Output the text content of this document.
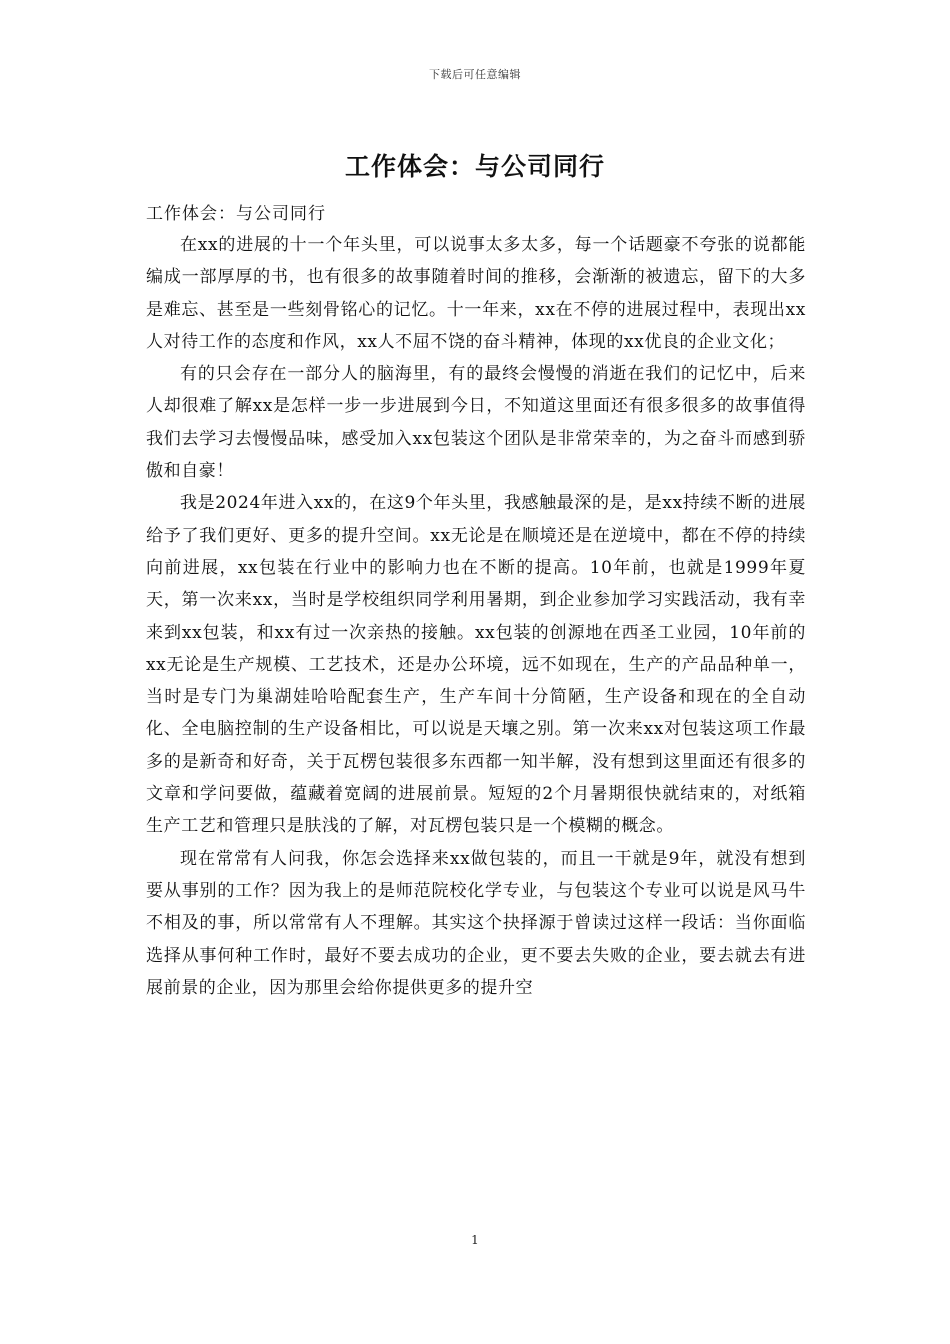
下载后可任意编辑
工作体会：与公司同行

工作体会：与公司同行

在xx的进展的十一个年头里，可以说事太多太多，每一个话题豪不夸张的说都能编成一部厚厚的书，也有很多的故事随着时间的推移，会渐渐的被遗忘，留下的大多是难忘、甚至是一些刻骨铭心的记忆。十一年来，xx在不停的进展过程中，表现出xx人对待工作的态度和作风，xx人不屈不饶的奋斗精神，体现的xx优良的企业文化；

有的只会存在一部分人的脑海里，有的最终会慢慢的消逝在我们的记忆中，后来人却很难了解xx是怎样一步一步进展到今日，不知道这里面还有很多很多的故事值得我们去学习去慢慢品味，感受加入xx包装这个团队是非常荣幸的，为之奋斗而感到骄傲和自豪！

我是2024年进入xx的，在这9个年头里，我感触最深的是，是xx持续不断的进展给予了我们更好、更多的提升空间。xx无论是在顺境还是在逆境中，都在不停的持续向前进展，xx包装在行业中的影响力也在不断的提高。10年前，也就是1999年夏天，第一次来xx，当时是学校组织同学利用暑期，到企业参加学习实践活动，我有幸来到xx包装，和xx有过一次亲热的接触。xx包装的创源地在西圣工业园，10年前的xx无论是生产规模、工艺技术，还是办公环境，远不如现在，生产的产品品种单一，当时是专门为巢湖娃哈哈配套生产，生产车间十分简陋，生产设备和现在的全自动化、全电脑控制的生产设备相比，可以说是天壤之别。第一次来xx对包装这项工作最多的是新奇和好奇，关于瓦楞包装很多东西都一知半解，没有想到这里面还有很多的文章和学问要做，蕴藏着宽阔的进展前景。短短的2个月暑期很快就结束的，对纸箱生产工艺和管理只是肤浅的了解，对瓦楞包装只是一个模糊的概念。

现在常常有人问我，你怎会选择来xx做包装的，而且一干就是9年，就没有想到要从事别的工作？因为我上的是师范院校化学专业，与包装这个专业可以说是风马牛不相及的事，所以常常有人不理解。其实这个抉择源于曾读过这样一段话：当你面临选择从事何种工作时，最好不要去成功的企业，更不要去失败的企业，要去就去有进展前景的企业，因为那里会给你提供更多的提升空

1
